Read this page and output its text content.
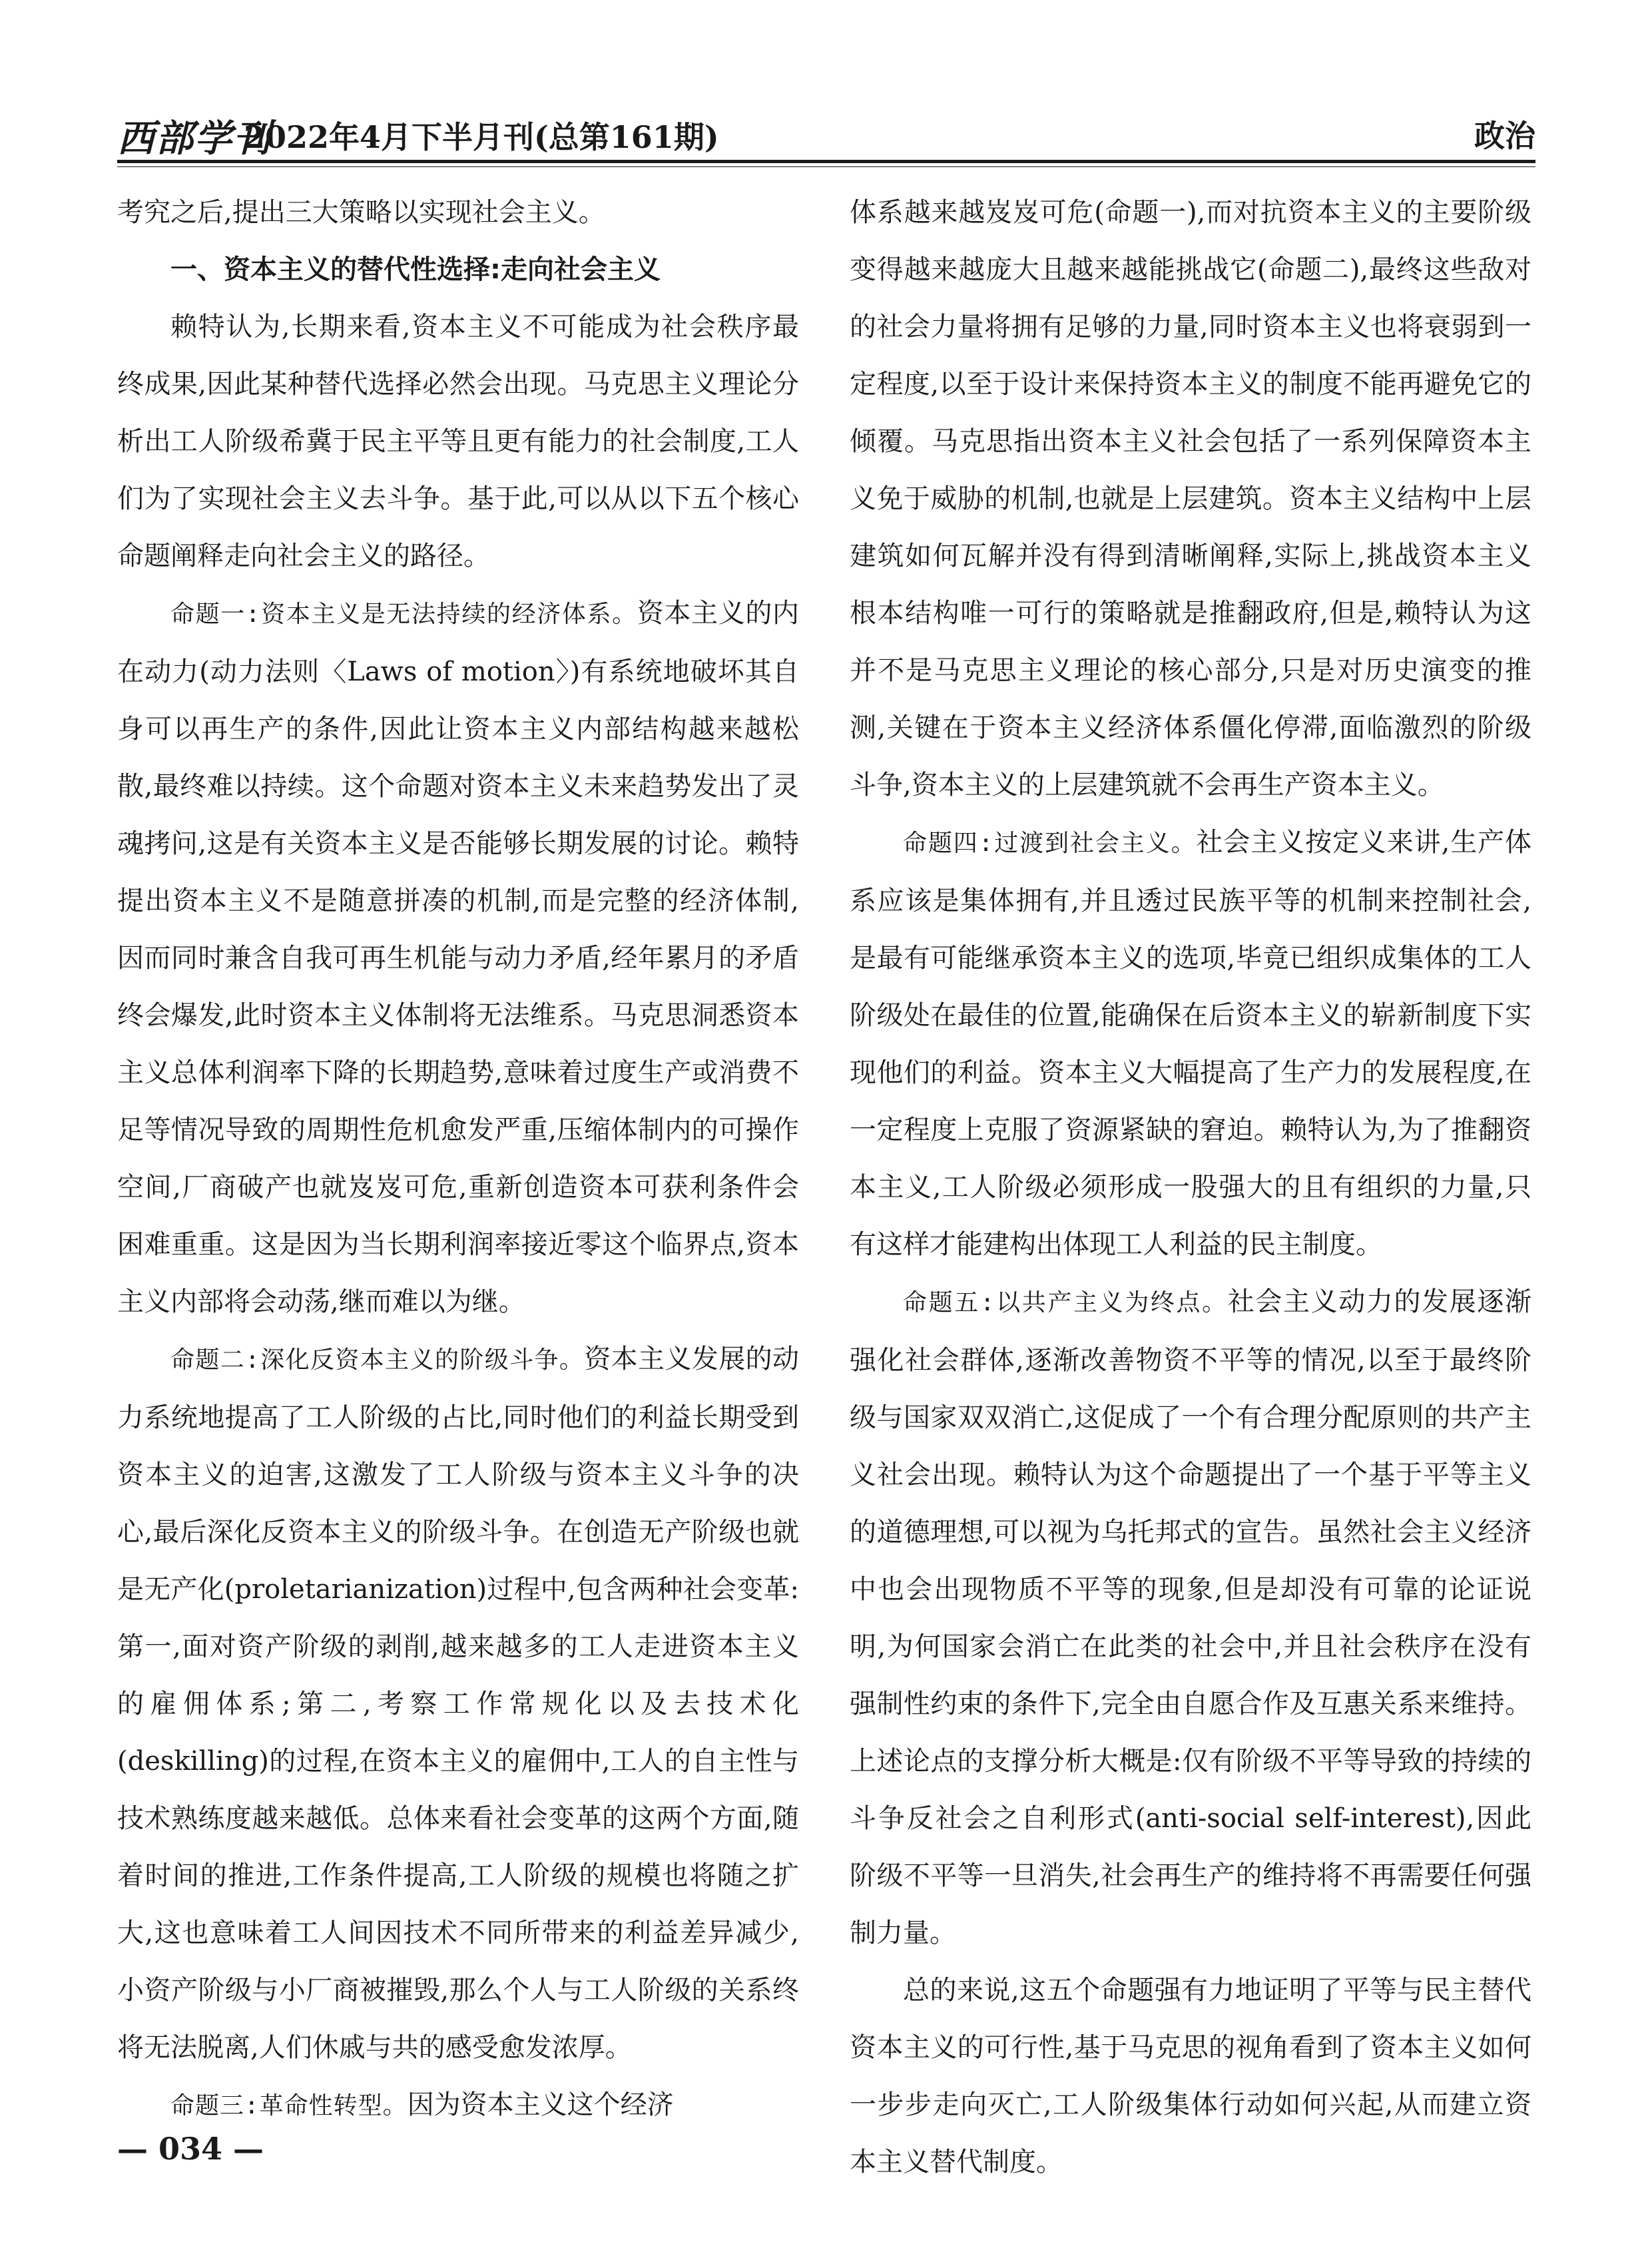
西部学刊
2022年4月下半月刊(总第161期)	政治

考究之后,提出三大策略以实现社会主义。

一、资本主义的替代性选择:走向社会主义

赖特认为,长期来看,资本主义不可能成为社会秩序最终成果,因此某种替代选择必然会出现。马克思主义理论分析出工人阶级希冀于民主平等且更有能力的社会制度,工人们为了实现社会主义去斗争。基于此,可以从以下五个核心命题阐释走向社会主义的路径。

命题一:资本主义是无法持续的经济体系。资本主义的内在动力(动力法则〈Laws of motion〉)有系统地破坏其自身可以再生产的条件,因此让资本主义内部结构越来越松散,最终难以持续。这个命题对资本主义未来趋势发出了灵魂拷问,这是有关资本主义是否能够长期发展的讨论。赖特提出资本主义不是随意拼凑的机制,而是完整的经济体制,因而同时兼含自我可再生机能与动力矛盾,经年累月的矛盾终会爆发,此时资本主义体制将无法维系。马克思洞悉资本主义总体利润率下降的长期趋势,意味着过度生产或消费不足等情况导致的周期性危机愈发严重,压缩体制内的可操作空间,厂商破产也就岌岌可危,重新创造资本可获利条件会困难重重。这是因为当长期利润率接近零这个临界点,资本主义内部将会动荡,继而难以为继。

命题二:深化反资本主义的阶级斗争。资本主义发展的动力系统地提高了工人阶级的占比,同时他们的利益长期受到资本主义的迫害,这激发了工人阶级与资本主义斗争的决心,最后深化反资本主义的阶级斗争。在创造无产阶级也就是无产化(proletarianization)过程中,包含两种社会变革:第一,面对资产阶级的剥削,越来越多的工人走进资本主义的雇佣体系;第二,考察工作常规化以及去技术化(deskilling)的过程,在资本主义的雇佣中,工人的自主性与技术熟练度越来越低。总体来看社会变革的这两个方面,随着时间的推进,工作条件提高,工人阶级的规模也将随之扩大,这也意味着工人间因技术不同所带来的利益差异减少,小资产阶级与小厂商被摧毁,那么个人与工人阶级的关系终将无法脱离,人们休戚与共的感受愈发浓厚。

命题三:革命性转型。因为资本主义这个经济

体系越来越岌岌可危(命题一),而对抗资本主义的主要阶级变得越来越庞大且越来越能挑战它(命题二),最终这些敌对的社会力量将拥有足够的力量,同时资本主义也将衰弱到一定程度,以至于设计来保持资本主义的制度不能再避免它的倾覆。马克思指出资本主义社会包括了一系列保障资本主义免于威胁的机制,也就是上层建筑。资本主义结构中上层建筑如何瓦解并没有得到清晰阐释,实际上,挑战资本主义根本结构唯一可行的策略就是推翻政府,但是,赖特认为这并不是马克思主义理论的核心部分,只是对历史演变的推测,关键在于资本主义经济体系僵化停滞,面临激烈的阶级斗争,资本主义的上层建筑就不会再生产资本主义。

命题四:过渡到社会主义。社会主义按定义来讲,生产体系应该是集体拥有,并且透过民族平等的机制来控制社会,是最有可能继承资本主义的选项,毕竟已组织成集体的工人阶级处在最佳的位置,能确保在后资本主义的崭新制度下实现他们的利益。资本主义大幅提高了生产力的发展程度,在一定程度上克服了资源紧缺的窘迫。赖特认为,为了推翻资本主义,工人阶级必须形成一股强大的且有组织的力量,只有这样才能建构出体现工人利益的民主制度。

命题五:以共产主义为终点。社会主义动力的发展逐渐强化社会群体,逐渐改善物资不平等的情况,以至于最终阶级与国家双双消亡,这促成了一个有合理分配原则的共产主义社会出现。赖特认为这个命题提出了一个基于平等主义的道德理想,可以视为乌托邦式的宣告。虽然社会主义经济中也会出现物质不平等的现象,但是却没有可靠的论证说明,为何国家会消亡在此类的社会中,并且社会秩序在没有强制性约束的条件下,完全由自愿合作及互惠关系来维持。上述论点的支撑分析大概是:仅有阶级不平等导致的持续的斗争反社会之自利形式(anti-social self-interest),因此阶级不平等一旦消失,社会再生产的维持将不再需要任何强制力量。

总的来说,这五个命题强有力地证明了平等与民主替代资本主义的可行性,基于马克思的视角看到了资本主义如何一步步走向灭亡,工人阶级集体行动如何兴起,从而建立资本主义替代制度。

— 034 —
